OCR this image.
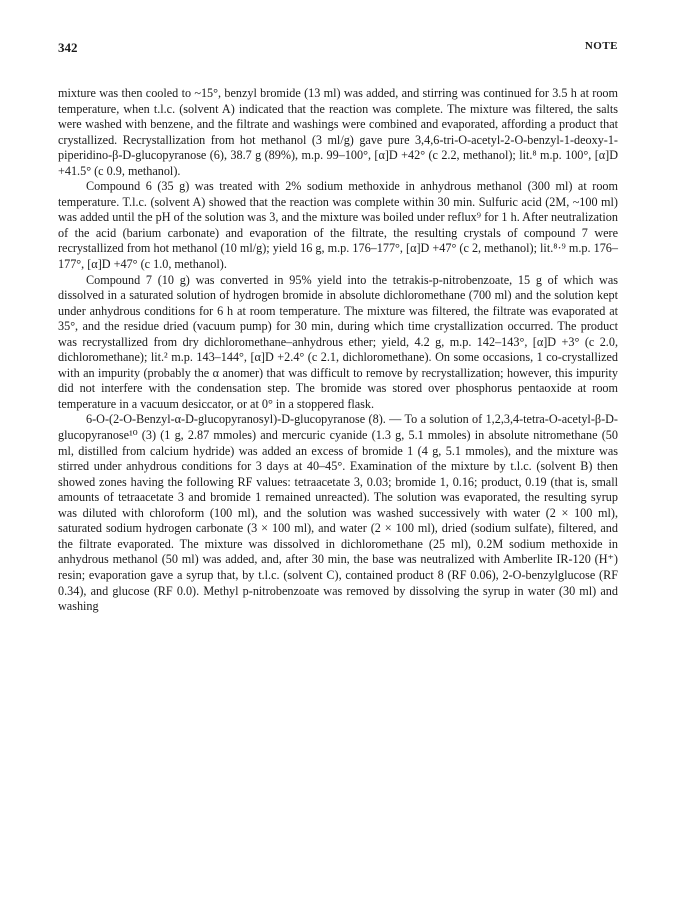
342	NOTE

mixture was then cooled to ~15°, benzyl bromide (13 ml) was added, and stirring was continued for 3.5 h at room temperature, when t.l.c. (solvent A) indicated that the reaction was complete. The mixture was filtered, the salts were washed with benzene, and the filtrate and washings were combined and evaporated, affording a product that crystallized. Recrystallization from hot methanol (3 ml/g) gave pure 3,4,6-tri-O-acetyl-2-O-benzyl-1-deoxy-1-piperidino-β-D-glucopyranose (6), 38.7 g (89%), m.p. 99–100°, [α]D +42° (c 2.2, methanol); lit.⁸ m.p. 100°, [α]D +41.5° (c 0.9, methanol).

Compound 6 (35 g) was treated with 2% sodium methoxide in anhydrous methanol (300 ml) at room temperature. T.l.c. (solvent A) showed that the reaction was complete within 30 min. Sulfuric acid (2M, ~100 ml) was added until the pH of the solution was 3, and the mixture was boiled under reflux⁹ for 1 h. After neutralization of the acid (barium carbonate) and evaporation of the filtrate, the resulting crystals of compound 7 were recrystallized from hot methanol (10 ml/g); yield 16 g, m.p. 176–177°, [α]D +47° (c 2, methanol); lit.⁸·⁹ m.p. 176–177°, [α]D +47° (c 1.0, methanol).

Compound 7 (10 g) was converted in 95% yield into the tetrakis-p-nitrobenzoate, 15 g of which was dissolved in a saturated solution of hydrogen bromide in absolute dichloromethane (700 ml) and the solution kept under anhydrous conditions for 6 h at room temperature. The mixture was filtered, the filtrate was evaporated at 35°, and the residue dried (vacuum pump) for 30 min, during which time crystallization occurred. The product was recrystallized from dry dichloromethane–anhydrous ether; yield, 4.2 g, m.p. 142–143°, [α]D +3° (c 2.0, dichloromethane); lit.² m.p. 143–144°, [α]D +2.4° (c 2.1, dichloromethane). On some occasions, 1 co-crystallized with an impurity (probably the α anomer) that was difficult to remove by recrystallization; however, this impurity did not interfere with the condensation step. The bromide was stored over phosphorus pentaoxide at room temperature in a vacuum desiccator, or at 0° in a stoppered flask.

6-O-(2-O-Benzyl-α-D-glucopyranosyl)-D-glucopyranose (8). — To a solution of 1,2,3,4-tetra-O-acetyl-β-D-glucopyranose¹⁰ (3) (1 g, 2.87 mmoles) and mercuric cyanide (1.3 g, 5.1 mmoles) in absolute nitromethane (50 ml, distilled from calcium hydride) was added an excess of bromide 1 (4 g, 5.1 mmoles), and the mixture was stirred under anhydrous conditions for 3 days at 40–45°. Examination of the mixture by t.l.c. (solvent B) then showed zones having the following RF values: tetraacetate 3, 0.03; bromide 1, 0.16; product, 0.19 (that is, small amounts of tetraacetate 3 and bromide 1 remained unreacted). The solution was evaporated, the resulting syrup was diluted with chloroform (100 ml), and the solution was washed successively with water (2 × 100 ml), saturated sodium hydrogen carbonate (3 × 100 ml), and water (2 × 100 ml), dried (sodium sulfate), filtered, and the filtrate evaporated. The mixture was dissolved in dichloromethane (25 ml), 0.2M sodium methoxide in anhydrous methanol (50 ml) was added, and, after 30 min, the base was neutralized with Amberlite IR-120 (H⁺) resin; evaporation gave a syrup that, by t.l.c. (solvent C), contained product 8 (RF 0.06), 2-O-benzylglucose (RF 0.34), and glucose (RF 0.0). Methyl p-nitrobenzoate was removed by dissolving the syrup in water (30 ml) and washing
